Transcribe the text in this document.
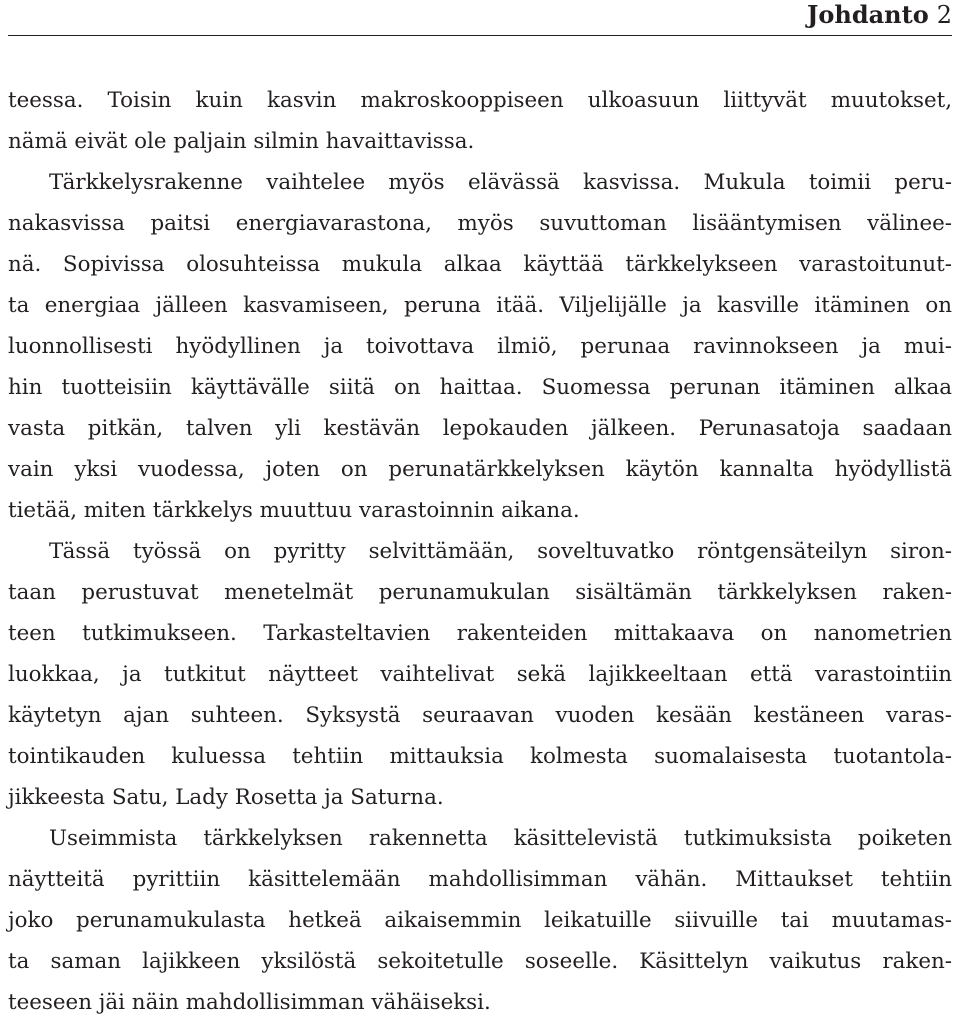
Johdanto 2
teessa. Toisin kuin kasvin makroskooppiseen ulkoasuun liittyvät muutokset,
nämä eivät ole paljain silmin havaittavissa.
Tärkkelysrakenne vaihtelee myös elävässä kasvissa. Mukula toimii peru-
nakasvissa paitsi energiavarastona, myös suvuttoman lisääntymisen välinee-
nä. Sopivissa olosuhteissa mukula alkaa käyttää tärkkelykseen varastoitunut-
ta energiaa jälleen kasvamiseen, peruna itää. Viljelijälle ja kasville itäminen on
luonnollisesti hyödyllinen ja toivottava ilmiö, perunaa ravinnokseen ja mui-
hin tuotteisiin käyttävälle siitä on haittaa. Suomessa perunan itäminen alkaa
vasta pitkän, talven yli kestävän lepokauden jälkeen. Perunasatoja saadaan
vain yksi vuodessa, joten on perunatärkkelyksen käytön kannalta hyödyllistä
tietää, miten tärkkelys muuttuu varastoinnin aikana.
Tässä työssä on pyritty selvittämään, soveltuvatko röntgensäteilyn siron-
taan perustuvat menetelmät perunamukulan sisältämän tärkkelyksen raken-
teen tutkimukseen. Tarkasteltavien rakenteiden mittakaava on nanometrien
luokkaa, ja tutkitut näytteet vaihtelivat sekä lajikkeeltaan että varastointiin
käytetyn ajan suhteen. Syksystä seuraavan vuoden kesään kestäneen varas-
tointikauden kuluessa tehtiin mittauksia kolmesta suomalaisesta tuotantola-
jikkeesta Satu, Lady Rosetta ja Saturna.
Useimmista tärkkelyksen rakennetta käsittelevistä tutkimuksista poiketen
näytteitä pyrittiin käsittelemään mahdollisimman vähän. Mittaukset tehtiin
joko perunamukulasta hetkeä aikaisemmin leikatuille siivuille tai muutamas-
ta saman lajikkeen yksilöstä sekoitetulle soseelle. Käsittelyn vaikutus raken-
teeseen jäi näin mahdollisimman vähäiseksi.
